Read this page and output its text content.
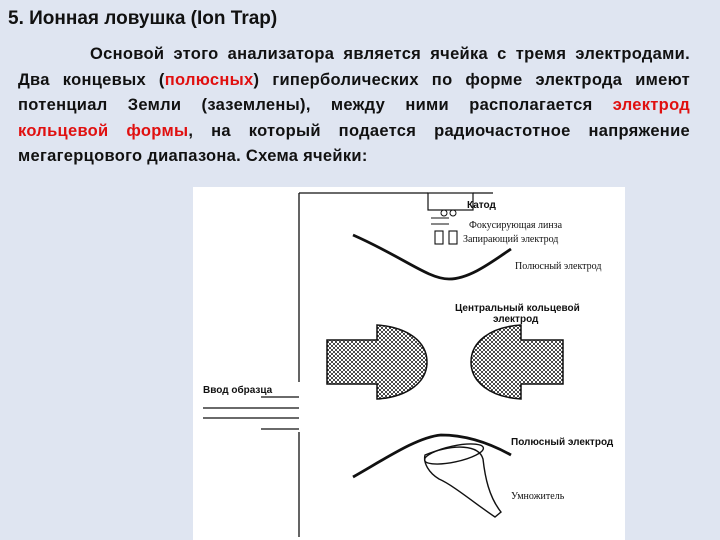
5. Ионная ловушка (Ion Trap)

Основой этого анализатора является ячейка с тремя электродами. Два концевых (полюсных) гиперболических по форме электрода имеют потенциал Земли (заземлены), между ними располагается электрод кольцевой формы, на который подается радиочастотное напряжение мегагерцового диапазона. Схема ячейки:

Катод
Фокусирующая линза
Запирающий электрод
Полюсный электрод
Центральный кольцевой
электрод
Ввод образца
Полюсный электрод
Умножитель
